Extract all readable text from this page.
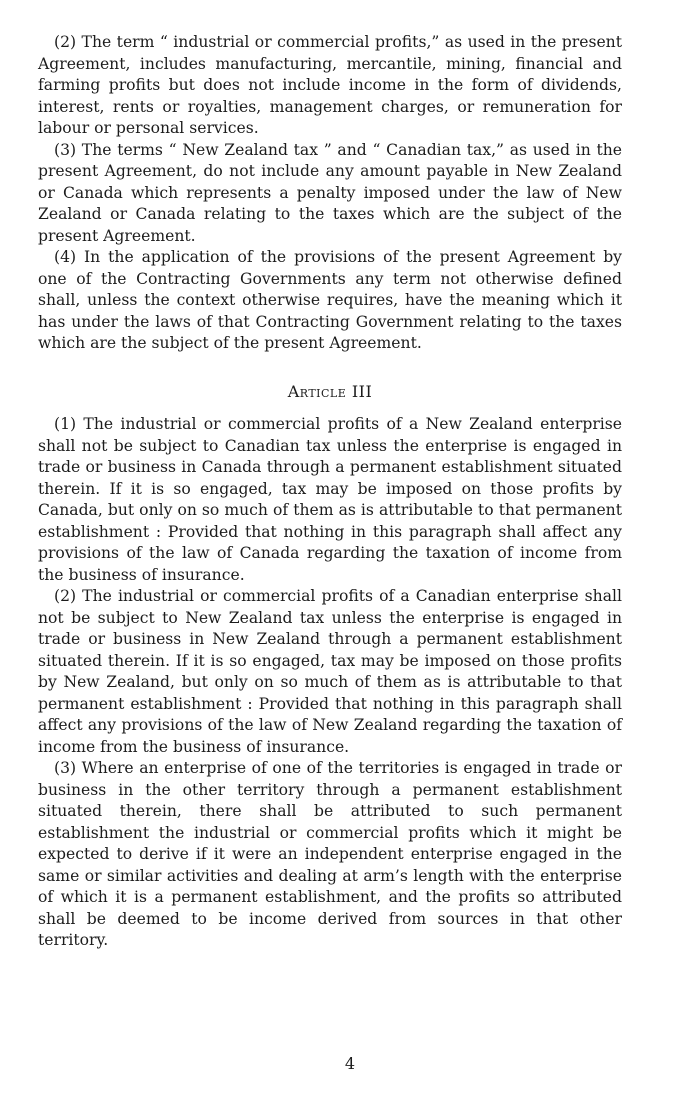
(2) The term “ industrial or commercial profits,” as used in the present Agreement, includes manufacturing, mercantile, mining, financial and farming profits but does not include income in the form of dividends, interest, rents or royalties, management charges, or remuneration for labour or personal services.

(3) The terms “ New Zealand tax ” and “ Canadian tax,” as used in the present Agreement, do not include any amount payable in New Zealand or Canada which represents a penalty imposed under the law of New Zealand or Canada relating to the taxes which are the subject of the present Agreement.

(4) In the application of the provisions of the present Agreement by one of the Contracting Governments any term not otherwise defined shall, unless the context otherwise requires, have the meaning which it has under the laws of that Contracting Government relating to the taxes which are the subject of the present Agreement.

Article III

(1) The industrial or commercial profits of a New Zealand enterprise shall not be subject to Canadian tax unless the enterprise is engaged in trade or business in Canada through a permanent establishment situated therein. If it is so engaged, tax may be imposed on those profits by Canada, but only on so much of them as is attributable to that permanent establishment : Provided that nothing in this paragraph shall affect any provisions of the law of Canada regarding the taxation of income from the business of insurance.

(2) The industrial or commercial profits of a Canadian enterprise shall not be subject to New Zealand tax unless the enterprise is engaged in trade or business in New Zealand through a permanent establishment situated therein. If it is so engaged, tax may be imposed on those profits by New Zealand, but only on so much of them as is attributable to that permanent establishment : Provided that nothing in this paragraph shall affect any provisions of the law of New Zealand regarding the taxation of income from the business of insurance.

(3) Where an enterprise of one of the territories is engaged in trade or business in the other territory through a permanent establishment situated therein, there shall be attributed to such permanent establishment the industrial or commercial profits which it might be expected to derive if it were an independent enterprise engaged in the same or similar activities and dealing at arm’s length with the enterprise of which it is a permanent establishment, and the profits so attributed shall be deemed to be income derived from sources in that other territory.

4
